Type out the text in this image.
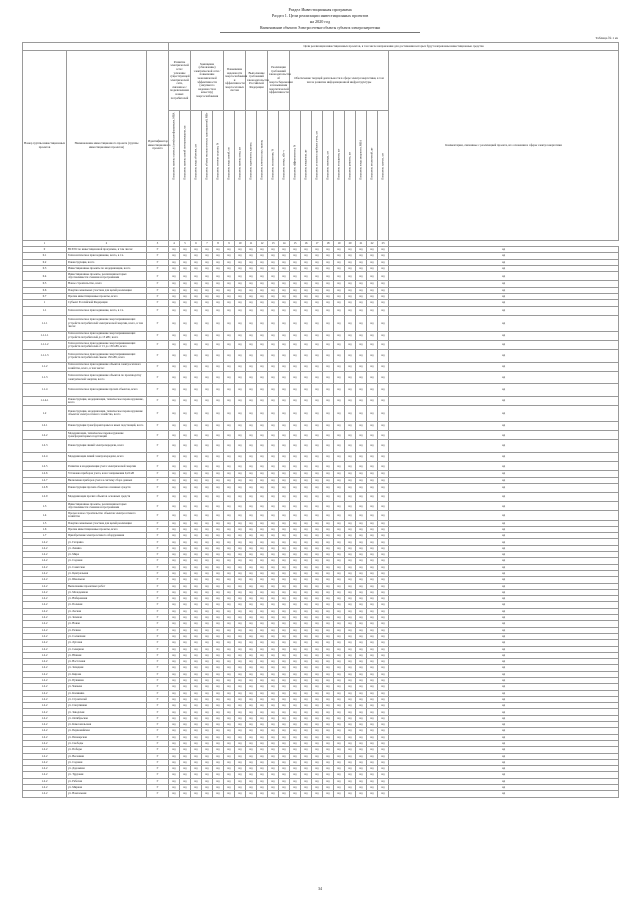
Раздел Инвестиционная программа
Раздел 1. Цели реализации инвестиционных проектов
на 2020 год
Наименование объектов Электросетевые объекты субъекта электроэнергетики
Таблица № 1 из
			Цели реализации инвестиционных проектов, в том числе направления для достижения которых будут направлены инвестиционные средства																				
Номер группы инвестиционных проектов	Наименование инвестиционного проекта (группы инвестиционных проектов)	Идентификатор инвестиционного проекта	Развитие электрической сети / усиление существующей электрической сети, связанное с подключением новых потребителей		Замещение (обновление) электрической сети / повышение экономической эффективности (закупки по надежности и качеству) энергоснабжения			Повышение надежности энергоснабжения и эффективности энергосетевых систем		Выполнение требований законодательства Российской Федерации		Реализация требований законодательства об энергосбережении и повышении энергетической эффективности		Обеспечение текущей деятельности в сфере электроэнергетики, в том числе развитие информационной инфраструктуры									Комментарии, связанные с реализацией проекта, их основания и сферы электроэнергетики
			Показатель замены силовых (авто)трансформаторов, МВА	Показатель замены линий электропередачи, км	Показатель ввода объектов, шт	Показатель объема технологических присоединений, МВт	Показатель степени загрузки, %	Показатель ввода линий, км	Показатель замены опор, шт	Показатель надежности, единиц	Показатель качества услуг, единиц	Показатель исполнения, %	Показатель потерь, кВт·ч	Показатель эффективности, %	Показатель внедрения, шт	Показатель установки приборов учета, шт	Показатель перевода, шт	Показатель оснащения, шт	Показатель ремонта, шт	Показатель ввода мощности, МВА	Показатель отключений, шт	Показатель прочих, шт	
1	2	3	4	5	6	7	8	9	10	11	12	13	14	15	16	17	18	19	20	21	22	23	
0	ВСЕГО по инвестиционной программе, в том числе:	Г	нд	нд	нд	нд	нд	нд	нд	нд	нд	нд	нд	нд	нд	нд	нд	нд	нд	нд	нд	нд	нд
0.1	Технологическое присоединение, всего, в т.ч.	Г	нд	нд	нд	нд	нд	нд	нд	нд	нд	нд	нд	нд	нд	нд	нд	нд	нд	нд	нд	нд	нд
0.2	Реконструкция, всего	Г	нд	нд	нд	нд	нд	нд	нд	нд	нд	нд	нд	нд	нд	нд	нд	нд	нд	нд	нд	нд	нд
0.3	Инвестиционные проекты по модернизации, всего	Г	нд	нд	нд	нд	нд	нд	нд	нд	нд	нд	нд	нд	нд	нд	нд	нд	нд	нд	нд	нд	нд
0.4	Инвестиционные проекты, реализация которых обуславливается схемами и программами	Г	нд	нд	нд	нд	нд	нд	нд	нд	нд	нд	нд	нд	нд	нд	нд	нд	нд	нд	нд	нд	нд
0.5	Новое строительство, всего	Г	нд	нд	нд	нд	нд	нд	нд	нд	нд	нд	нд	нд	нд	нд	нд	нд	нд	нд	нд	нд	нд
0.6	Покупка земельных участков для целей реализации	Г	нд	нд	нд	нд	нд	нд	нд	нд	нд	нд	нд	нд	нд	нд	нд	нд	нд	нд	нд	нд	нд
0.7	Прочие инвестиционные проекты, всего	Г	нд	нд	нд	нд	нд	нд	нд	нд	нд	нд	нд	нд	нд	нд	нд	нд	нд	нд	нд	нд	нд
1	Субъект Российской Федерации	Г	нд	нд	нд	нд	нд	нд	нд	нд	нд	нд	нд	нд	нд	нд	нд	нд	нд	нд	нд	нд	нд
1.1	Технологическое присоединение, всего, в т.ч.	Г	нд	нд	нд	нд	нд	нд	нд	нд	нд	нд	нд	нд	нд	нд	нд	нд	нд	нд	нд	нд	нд
1.1.1	Технологическое присоединение энергопринимающих устройств потребителей электрической энергии, всего, в том числе:	Г	нд	нд	нд	нд	нд	нд	нд	нд	нд	нд	нд	нд	нд	нд	нд	нд	нд	нд	нд	нд	нд
1.1.1.1	Технологическое присоединение энергопринимающих устройств потребителей до 15 кВт, всего	Г	нд	нд	нд	нд	нд	нд	нд	нд	нд	нд	нд	нд	нд	нд	нд	нд	нд	нд	нд	нд	нд
1.1.1.2	Технологическое присоединение энергопринимающих устройств потребителей от 15 до 150 кВт, всего	Г	нд	нд	нд	нд	нд	нд	нд	нд	нд	нд	нд	нд	нд	нд	нд	нд	нд	нд	нд	нд	нд
1.1.1.3	Технологическое присоединение энергопринимающих устройств потребителей свыше 150 кВт, всего	Г	нд	нд	нд	нд	нд	нд	нд	нд	нд	нд	нд	нд	нд	нд	нд	нд	нд	нд	нд	нд	нд
1.1.2	Технологическое присоединение объектов электросетевого хозяйства, всего, в том числе:	Г	нд	нд	нд	нд	нд	нд	нд	нд	нд	нд	нд	нд	нд	нд	нд	нд	нд	нд	нд	нд	нд
1.1.3	Технологическое присоединение объектов по производству электрической энергии, всего	Г	нд	нд	нд	нд	нд	нд	нд	нд	нд	нд	нд	нд	нд	нд	нд	нд	нд	нд	нд	нд	нд
1.1.4	Технологическое присоединение прочих объектов, всего	Г	нд	нд	нд	нд	нд	нд	нд	нд	нд	нд	нд	нд	нд	нд	нд	нд	нд	нд	нд	нд	нд
1.1.4.1	Реконструкция, модернизация, техническое перевооружение, всего	Г	нд	нд	нд	нд	нд	нд	нд	нд	нд	нд	нд	нд	нд	нд	нд	нд	нд	нд	нд	нд	нд
1.2	Реконструкция, модернизация, техническое перевооружение объектов электросетевого хозяйства, всего	Г	нд	нд	нд	нд	нд	нд	нд	нд	нд	нд	нд	нд	нд	нд	нд	нд	нд	нд	нд	нд	нд
1.2.1	Реконструкция трансформаторных и иных подстанций, всего	Г	нд	нд	нд	нд	нд	нд	нд	нд	нд	нд	нд	нд	нд	нд	нд	нд	нд	нд	нд	нд	нд
1.2.2	Модернизация, техническое перевооружение трансформаторных подстанций	Г	нд	нд	нд	нд	нд	нд	нд	нд	нд	нд	нд	нд	нд	нд	нд	нд	нд	нд	нд	нд	нд
1.2.3	Реконструкция линий электропередачи, всего	Г	нд	нд	нд	нд	нд	нд	нд	нд	нд	нд	нд	нд	нд	нд	нд	нд	нд	нд	нд	нд	нд
1.2.4	Модернизация линий электропередачи, всего	Г	нд	нд	нд	нд	нд	нд	нд	нд	нд	нд	нд	нд	нд	нд	нд	нд	нд	нд	нд	нд	нд
1.2.5	Развитие и модернизация учета электрической энергии	Г	нд	нд	нд	нд	нд	нд	нд	нд	нд	нд	нд	нд	нд	нд	нд	нд	нд	нд	нд	нд	нд
1.2.6	Установка приборов учета, класс напряжения 0,22 кВ	Г	нд	нд	нд	нд	нд	нд	нд	нд	нд	нд	нд	нд	нд	нд	нд	нд	нд	нд	нд	нд	нд
1.2.7	Включение приборов учета в систему сбора данных	Г	нд	нд	нд	нд	нд	нд	нд	нд	нд	нд	нд	нд	нд	нд	нд	нд	нд	нд	нд	нд	нд
1.2.8	Реконструкция прочих объектов основных средств	Г	нд	нд	нд	нд	нд	нд	нд	нд	нд	нд	нд	нд	нд	нд	нд	нд	нд	нд	нд	нд	нд
1.2.9	Модернизация прочих объектов основных средств	Г	нд	нд	нд	нд	нд	нд	нд	нд	нд	нд	нд	нд	нд	нд	нд	нд	нд	нд	нд	нд	нд
1.3	Инвестиционные проекты, реализация которых обуславливается схемами и программами	Г	нд	нд	нд	нд	нд	нд	нд	нд	нд	нд	нд	нд	нд	нд	нд	нд	нд	нд	нд	нд	нд
1.4	Прочее новое строительство объектов электросетевого хозяйства	Г	нд	нд	нд	нд	нд	нд	нд	нд	нд	нд	нд	нд	нд	нд	нд	нд	нд	нд	нд	нд	нд
1.5	Покупка земельных участков для целей реализации	Г	нд	нд	нд	нд	нд	нд	нд	нд	нд	нд	нд	нд	нд	нд	нд	нд	нд	нд	нд	нд	нд
1.6	Прочие инвестиционные проекты, всего	Г	нд	нд	нд	нд	нд	нд	нд	нд	нд	нд	нд	нд	нд	нд	нд	нд	нд	нд	нд	нд	нд
1.7	Приобретение электросетевого оборудования	Г	нд	нд	нд	нд	нд	нд	нд	нд	нд	нд	нд	нд	нд	нд	нд	нд	нд	нд	нд	нд	нд
1.2.2	ул. Гагарина	Г	нд	нд	нд	нд	нд	нд	нд	нд	нд	нд	нд	нд	нд	нд	нд	нд	нд	нд	нд	нд	нд
1.2.2	ул. Ленина	Г	нд	нд	нд	нд	нд	нд	нд	нд	нд	нд	нд	нд	нд	нд	нд	нд	нд	нд	нд	нд	нд
1.2.2	ул. Мира	Г	нд	нд	нд	нд	нд	нд	нд	нд	нд	нд	нд	нд	нд	нд	нд	нд	нд	нд	нд	нд	нд
1.2.2	ул. Садовая	Г	нд	нд	нд	нд	нд	нд	нд	нд	нд	нд	нд	нд	нд	нд	нд	нд	нд	нд	нд	нд	нд
1.2.2	ул. Советская	Г	нд	нд	нд	нд	нд	нд	нд	нд	нд	нд	нд	нд	нд	нд	нд	нд	нд	нд	нд	нд	нд
1.2.2	ул. Центральная	Г	нд	нд	нд	нд	нд	нд	нд	нд	нд	нд	нд	нд	нд	нд	нд	нд	нд	нд	нд	нд	нд
1.2.2	ул. Школьная	Г	нд	нд	нд	нд	нд	нд	нд	нд	нд	нд	нд	нд	нд	нд	нд	нд	нд	нд	нд	нд	нд
1.2.2	Выполнение проектных работ	Г	нд	нд	нд	нд	нд	нд	нд	нд	нд	нд	нд	нд	нд	нд	нд	нд	нд	нд	нд	нд	нд
1.2.2	ул. Молодежная	Г	нд	нд	нд	нд	нд	нд	нд	нд	нд	нд	нд	нд	нд	нд	нд	нд	нд	нд	нд	нд	нд
1.2.2	ул. Набережная	Г	нд	нд	нд	нд	нд	нд	нд	нд	нд	нд	нд	нд	нд	нд	нд	нд	нд	нд	нд	нд	нд
1.2.2	ул. Полевая	Г	нд	нд	нд	нд	нд	нд	нд	нд	нд	нд	нд	нд	нд	нд	нд	нд	нд	нд	нд	нд	нд
1.2.2	ул. Лесная	Г	нд	нд	нд	нд	нд	нд	нд	нд	нд	нд	нд	нд	нд	нд	нд	нд	нд	нд	нд	нд	нд
1.2.2	ул. Зеленая	Г	нд	нд	нд	нд	нд	нд	нд	нд	нд	нд	нд	нд	нд	нд	нд	нд	нд	нд	нд	нд	нд
1.2.2	ул. Новая	Г	нд	нд	нд	нд	нд	нд	нд	нд	нд	нд	нд	нд	нд	нд	нд	нд	нд	нд	нд	нд	нд
1.2.2	ул. Речная	Г	нд	нд	нд	нд	нд	нд	нд	нд	нд	нд	нд	нд	нд	нд	нд	нд	нд	нд	нд	нд	нд
1.2.2	ул. Солнечная	Г	нд	нд	нд	нд	нд	нд	нд	нд	нд	нд	нд	нд	нд	нд	нд	нд	нд	нд	нд	нд	нд
1.2.2	ул. Луговая	Г	нд	нд	нд	нд	нд	нд	нд	нд	нд	нд	нд	нд	нд	нд	нд	нд	нд	нд	нд	нд	нд
1.2.2	ул. Северная	Г	нд	нд	нд	нд	нд	нд	нд	нд	нд	нд	нд	нд	нд	нд	нд	нд	нд	нд	нд	нд	нд
1.2.2	ул. Южная	Г	нд	нд	нд	нд	нд	нд	нд	нд	нд	нд	нд	нд	нд	нд	нд	нд	нд	нд	нд	нд	нд
1.2.2	ул. Восточная	Г	нд	нд	нд	нд	нд	нд	нд	нд	нд	нд	нд	нд	нд	нд	нд	нд	нд	нд	нд	нд	нд
1.2.2	ул. Западная	Г	нд	нд	нд	нд	нд	нд	нд	нд	нд	нд	нд	нд	нд	нд	нд	нд	нд	нд	нд	нд	нд
1.2.2	ул. Кирова	Г	нд	нд	нд	нд	нд	нд	нд	нд	нд	нд	нд	нд	нд	нд	нд	нд	нд	нд	нд	нд	нд
1.2.2	ул. Пушкина	Г	нд	нд	нд	нд	нд	нд	нд	нд	нд	нд	нд	нд	нд	нд	нд	нд	нд	нд	нд	нд	нд
1.2.2	ул. Чапаева	Г	нд	нд	нд	нд	нд	нд	нд	нд	нд	нд	нд	нд	нд	нд	нд	нд	нд	нд	нд	нд	нд
1.2.2	ул. Калинина	Г	нд	нд	нд	нд	нд	нд	нд	нд	нд	нд	нд	нд	нд	нд	нд	нд	нд	нд	нд	нд	нд
1.2.2	ул. Строителей	Г	нд	нд	нд	нд	нд	нд	нд	нд	нд	нд	нд	нд	нд	нд	нд	нд	нд	нд	нд	нд	нд
1.2.2	ул. Спортивная	Г	нд	нд	нд	нд	нд	нд	нд	нд	нд	нд	нд	нд	нд	нд	нд	нд	нд	нд	нд	нд	нд
1.2.2	ул. Заводская	Г	нд	нд	нд	нд	нд	нд	нд	нд	нд	нд	нд	нд	нд	нд	нд	нд	нд	нд	нд	нд	нд
1.2.2	ул. Октябрьская	Г	нд	нд	нд	нд	нд	нд	нд	нд	нд	нд	нд	нд	нд	нд	нд	нд	нд	нд	нд	нд	нд
1.2.2	ул. Комсомольская	Г	нд	нд	нд	нд	нд	нд	нд	нд	нд	нд	нд	нд	нд	нд	нд	нд	нд	нд	нд	нд	нд
1.2.2	ул. Первомайская	Г	нд	нд	нд	нд	нд	нд	нд	нд	нд	нд	нд	нд	нд	нд	нд	нд	нд	нд	нд	нд	нд
1.2.2	ул. Пионерская	Г	нд	нд	нд	нд	нд	нд	нд	нд	нд	нд	нд	нд	нд	нд	нд	нд	нд	нд	нд	нд	нд
1.2.2	ул. Свободы	Г	нд	нд	нд	нд	нд	нд	нд	нд	нд	нд	нд	нд	нд	нд	нд	нд	нд	нд	нд	нд	нд
1.2.2	ул. Победы	Г	нд	нд	нд	нд	нд	нд	нд	нд	нд	нд	нд	нд	нд	нд	нд	нд	нд	нд	нд	нд	нд
1.2.2	ул. Весенняя	Г	нд	нд	нд	нд	нд	нд	нд	нд	нд	нд	нд	нд	нд	нд	нд	нд	нд	нд	нд	нд	нд
1.2.2	ул. Садовая	Г	нд	нд	нд	нд	нд	нд	нд	нд	нд	нд	нд	нд	нд	нд	нд	нд	нд	нд	нд	нд	нд
1.2.2	ул. Дорожная	Г	нд	нд	нд	нд	нд	нд	нд	нд	нд	нд	нд	нд	нд	нд	нд	нд	нд	нд	нд	нд	нд
1.2.2	ул. Трудовая	Г	нд	нд	нд	нд	нд	нд	нд	нд	нд	нд	нд	нд	нд	нд	нд	нд	нд	нд	нд	нд	нд
1.2.2	ул. Рабочая	Г	нд	нд	нд	нд	нд	нд	нд	нд	нд	нд	нд	нд	нд	нд	нд	нд	нд	нд	нд	нд	нд
1.2.2	ул. Мирная	Г	нд	нд	нд	нд	нд	нд	нд	нд	нд	нд	нд	нд	нд	нд	нд	нд	нд	нд	нд	нд	нд
1.2.2	ул. Вокзальная	Г	нд	нд	нд	нд	нд	нд	нд	нд	нд	нд	нд	нд	нд	нд	нд	нд	нд	нд	нд	нд	нд
34
